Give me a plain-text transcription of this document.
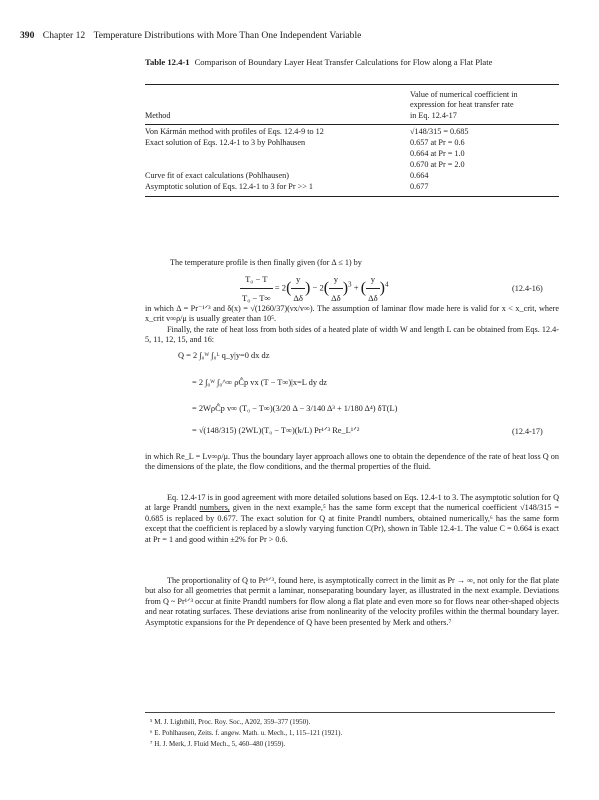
390 Chapter 12 Temperature Distributions with More Than One Independent Variable
Table 12.4-1 Comparison of Boundary Layer Heat Transfer Calculations for Flow along a Flat Plate
Value of numerical coefficient in
expression for heat transfer rate
in Eq. 12.4-17
Method
Von Kármán method with profiles of Eqs. 12.4-9 to 12	√148/315 = 0.685
Exact solution of Eqs. 12.4-1 to 3 by Pohlhausen	0.657 at Pr = 0.6
0.664 at Pr = 1.0
0.670 at Pr = 2.0
Curve fit of exact calculations (Pohlhausen)	0.664
Asymptotic solution of Eqs. 12.4-1 to 3 for Pr >> 1	0.677
The temperature profile is then finally given (for Δ ≤ 1) by
$\frac{\text{T₀ − T}}{\text{T₀ − T∞}} = 2( \frac{y}{\Delta\delta}$ ) − $2( \frac{y}{\Delta\delta} )^3$ + ( $\frac{y}{\Delta\delta} )^4$	(12.4-16)
in which Δ = Pr⁻¹ᐟ³ and δ(x) = √(1260/37)(νx/v∞). The assumption of laminar flow made here is valid for x < x_crit, where x_crit v∞ρ/μ is usually greater than 10⁵.
Finally, the rate of heat loss from both sides of a heated plate of width W and length L can be obtained from Eqs. 12.4-5, 11, 12, 15, and 16:
Q = 2 ∫₀ᵂ ∫₀ᴸ q_y|y=0 dx dz
= 2 ∫₀ᵂ ∫₀^∞ ρĈp vx (T − T∞)|x=L dy dz
= 2WρĈp v∞ (T₀ − T∞)(3/20 Δ − 3/140 Δ³ + 1/180 Δ⁴) δT(L)
= √(148/315) (2WL)(T₀ − T∞)(k/L) Pr¹ᐟ³ Re_L¹ᐟ²	(12.4-17)
in which Re_L = Lv∞ρ/μ. Thus the boundary layer approach allows one to obtain the dependence of the rate of heat loss Q on the dimensions of the plate, the flow conditions, and the thermal properties of the fluid.
Eq. 12.4-17 is in good agreement with more detailed solutions based on Eqs. 12.4-1 to 3. The asymptotic solution for Q at large Prandtl numbers, given in the next example,⁵ has the same form except that the numerical coefficient √148/315 = 0.685 is replaced by 0.677. The exact solution for Q at finite Prandtl numbers, obtained numerically,⁶ has the same form except that the coefficient is replaced by a slowly varying function C(Pr), shown in Table 12.4-1. The value C = 0.664 is exact at Pr = 1 and good within ±2% for Pr > 0.6.
The proportionality of Q to Pr¹ᐟ³, found here, is asymptotically correct in the limit as Pr → ∞, not only for the flat plate but also for all geometries that permit a laminar, nonseparating boundary layer, as illustrated in the next example. Deviations from Q ~ Pr¹ᐟ³ occur at finite Prandtl numbers for flow along a flat plate and even more so for flows near other-shaped objects and near rotating surfaces. These deviations arise from nonlinearity of the velocity profiles within the thermal boundary layer. Asymptotic expansions for the Pr dependence of Q have been presented by Merk and others.⁷
⁵ M. J. Lighthill, Proc. Roy. Soc., A202, 359–377 (1950).
⁶ E. Pohlhausen, Zeits. f. angew. Math. u. Mech., 1, 115–121 (1921).
⁷ H. J. Merk, J. Fluid Mech., 5, 460–480 (1959).
